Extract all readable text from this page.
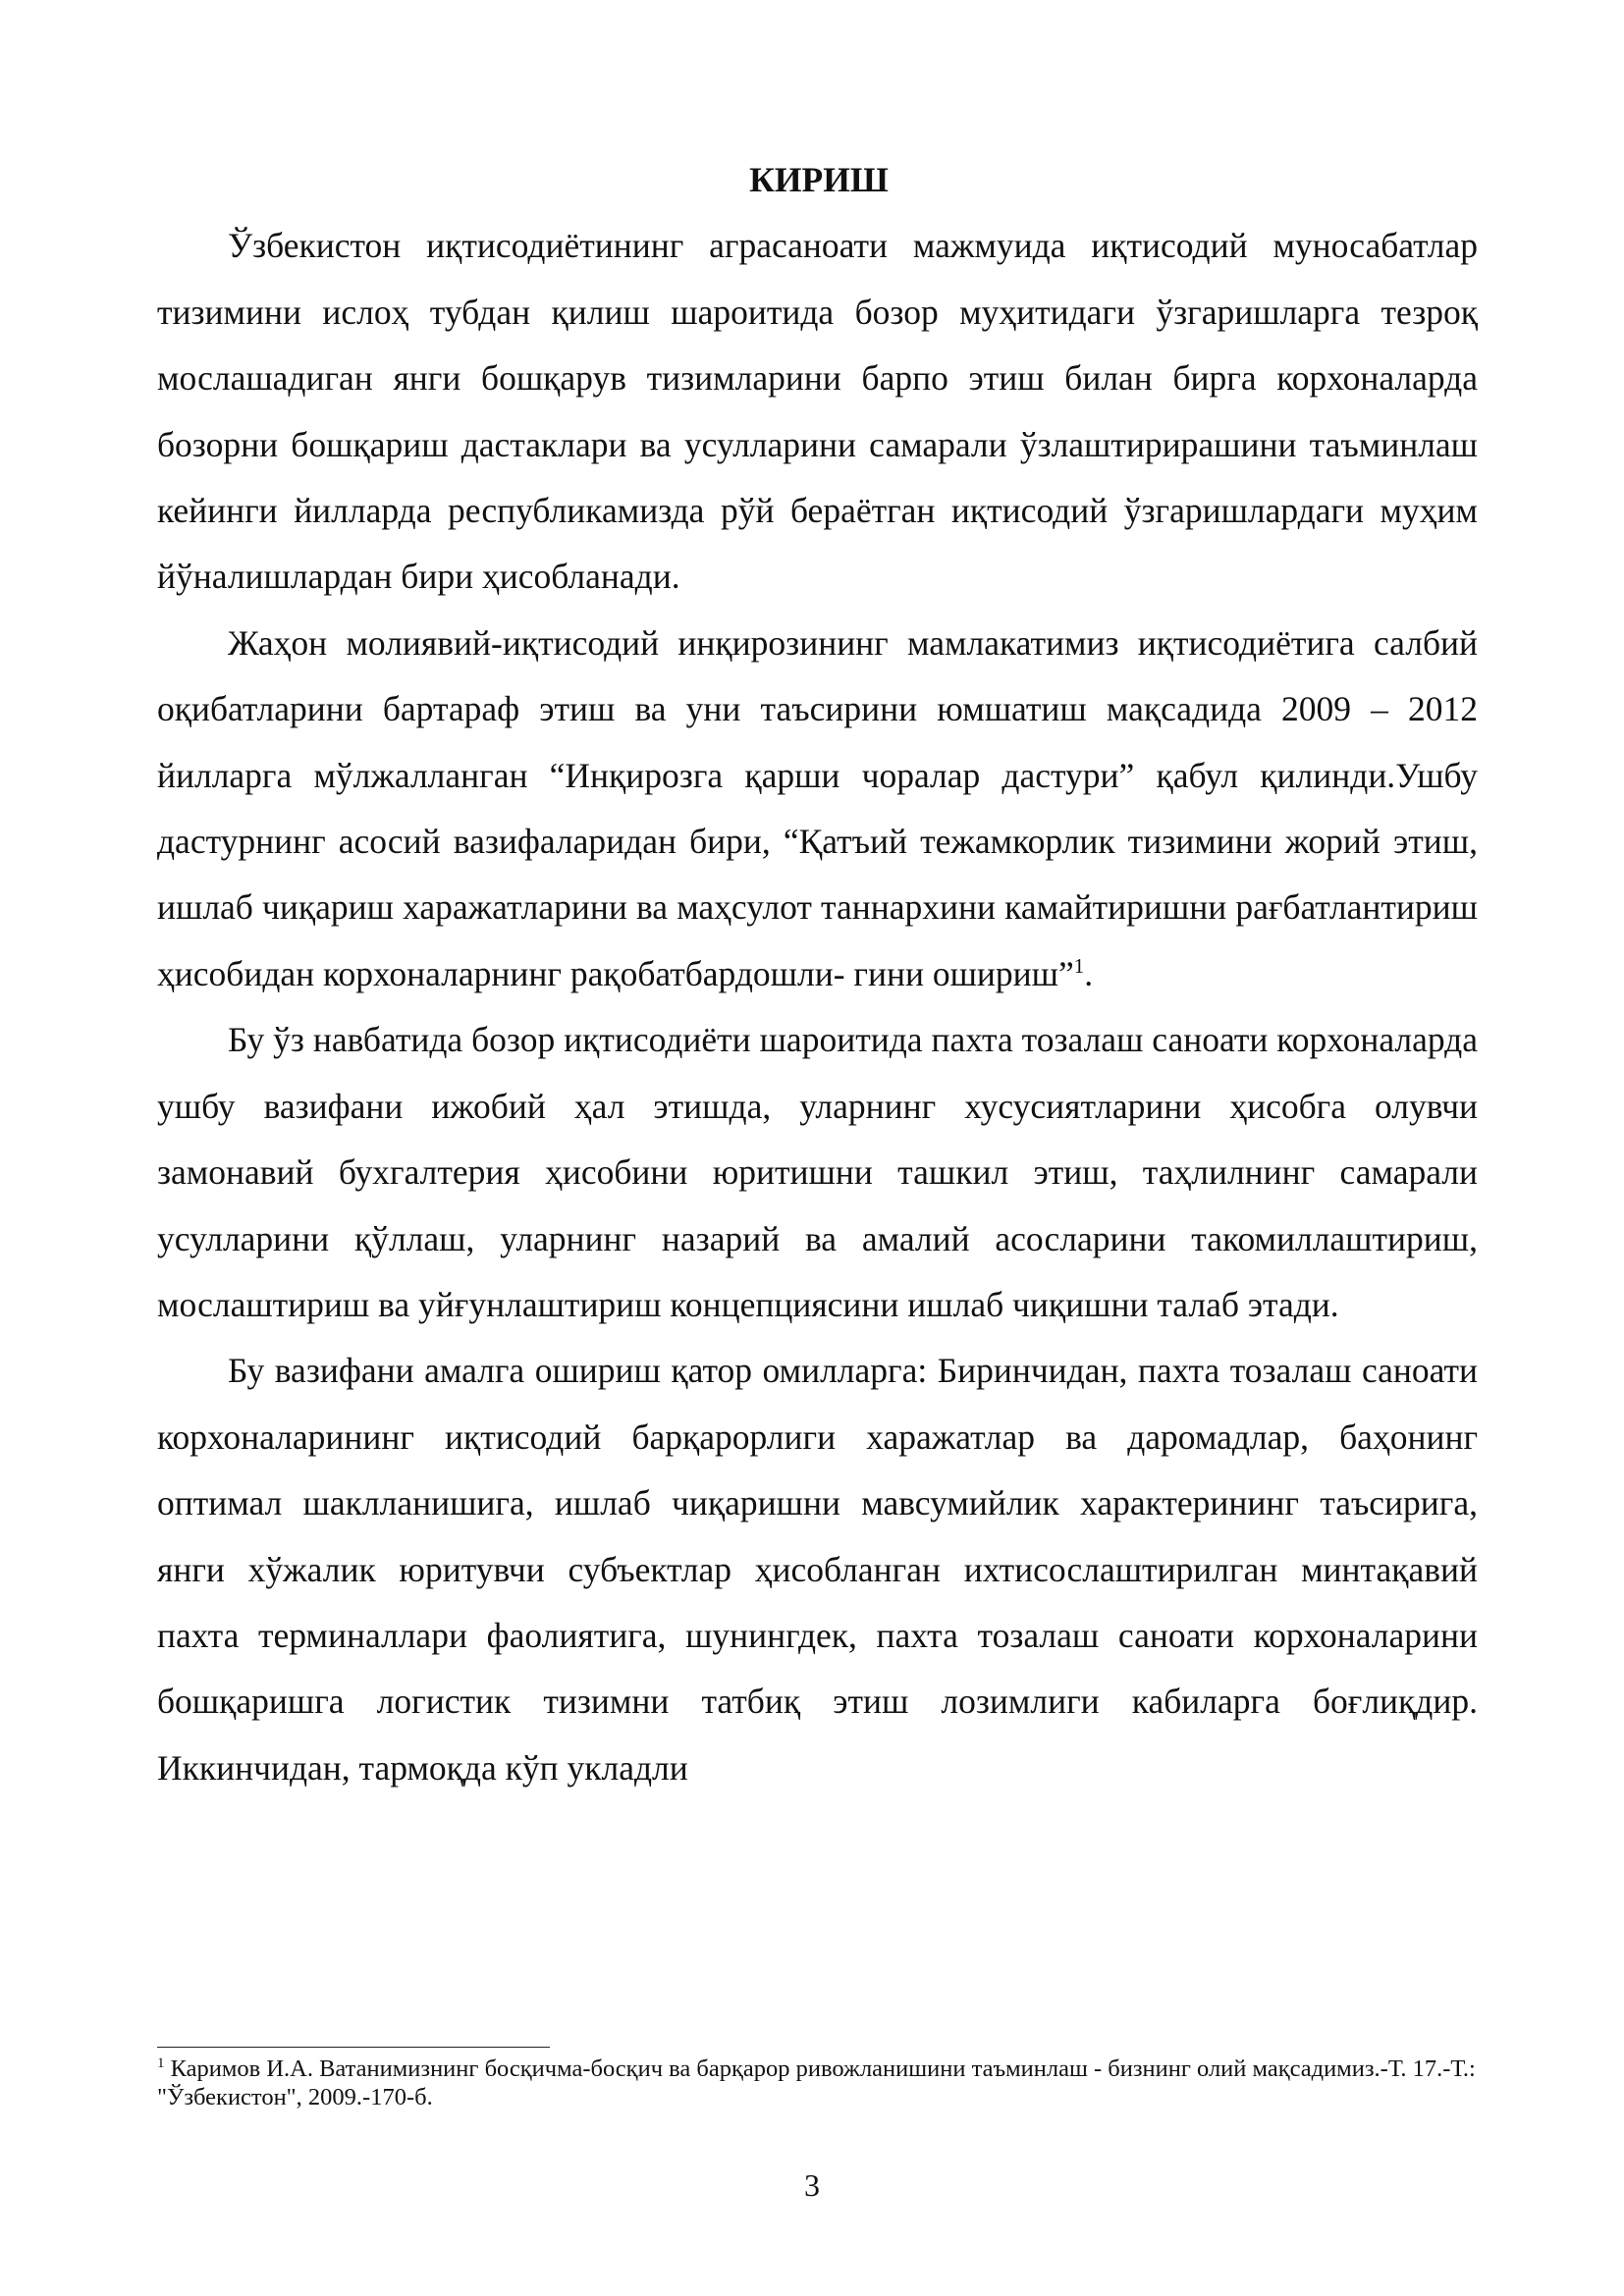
КИРИШ

Ўзбекистон иқтисодиётининг аграсаноати мажмуида иқтисодий муносабатлар тизимини ислоҳ тубдан қилиш шароитида бозор муҳитидаги ўзгаришларга тезроқ мослашадиган янги бошқарув тизимларини барпо этиш билан бирга корхоналарда бозорни бошқариш дастаклари ва усулларини самарали ўзлаштирирaшини таъминлаш кейинги йилларда республикамизда рўй бераётган иқтисодий ўзгаришлардаги муҳим йўналишлардан бири ҳисобланади.

Жаҳон молиявий-иқтисодий инқирозининг мамлакатимиз иқтисодиётига салбий оқибатларини бартараф этиш ва уни таъсирини юмшатиш мақсадида 2009 – 2012 йилларга мўлжалланган “Инқирозга қарши чоралар дастури” қабул қилинди.Ушбу дастурнинг асосий вазифаларидан бири, “Қатъий тежамкорлик тизимини жорий этиш, ишлаб чиқариш харажатларини ва маҳсулот таннархини камайтиришни рағбатлантириш ҳисобидан корхоналарнинг рақобатбардошли- гини ошириш”$^1$.

Бу ўз навбатида бозор иқтисодиёти шароитида пахта тозалаш саноати корхоналарда ушбу вазифани ижобий ҳал этишда, уларнинг хусусиятларини ҳисобга олувчи замонавий бухгалтерия ҳисобини юритишни ташкил этиш, таҳлилнинг самарали усулларини қўллаш, уларнинг назарий ва амалий асосларини такомиллаштириш, мослаштириш ва уйғунлаштириш концепциясини ишлаб чиқишни талаб этади.

Бу вазифани амалга ошириш қатор омилларга: Биринчидан, пахта тозалаш саноати корхоналарининг иқтисодий барқарорлиги харажатлар ва даромадлар, баҳонинг оптимал шаклланишига, ишлаб чиқаришни мавсумийлик характерининг таъсирига, янги хўжалик юритувчи субъектлар ҳисобланган ихтисослаштирилган минтақавий пахта терминаллари фаолиятига, шунингдек, пахта тозалаш саноати корхоналарини бошқаришга логистик тизимни татбиқ этиш лозимлиги кабиларга боғлиқдир. Иккинчидан, тармоқда кўп укладли

$^1$ Каримов И.А. Ватанимизнинг босқичма-босқич ва барқарор ривожланишини таъминлаш - бизнинг олий мақсадимиз.-Т. 17.-Т.: "Ўзбекистон", 2009.-170-б.

3
